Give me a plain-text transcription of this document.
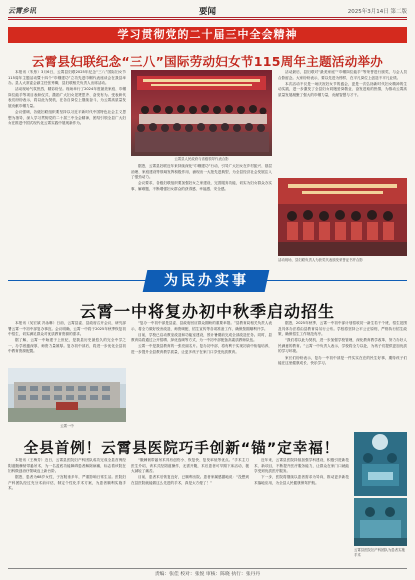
云霄乡讯	要闻	2025年3月14日 第二版
学习贯彻党的二十届三中全会精神
云霄县妇联纪念“三八”国际劳动妇女节115周年主题活动举办

本报讯（朱彤）3月6日，云霄县妇联2025年纪念“三八”国际妇女节115周年主题活动暨十四个“巾帼建功”立功先进巾帼代表座谈会在我县举办。县人大常委会副主任张秀卿，县妇联相关负责人出席活动。

活动现场气氛热烈，精彩纷呈。现场举行了2024年度最美家庭、巾帼岗位能手等项目表彰仪式，激励广大妇女见贤思齐、奋发有为。受表彰代表们纷纷表示，将以此为契机，在各自岗位上继续奋斗，为云霄高质量发展贡献巾帼力量。

会议强调，各级妇联组织要坚持以习近平新时代中国特色社会主义思想为指导，深入学习贯彻党的二十届三中全会精神，团结引领全县广大妇女在推进中国式现代化云霄实践中展现新作为。

云霄县人民政府与省级领导代表合影

据悉，云霄县妇联近年来持续深化“巾帼建功”行动，引导广大妇女在乡村振兴、基层治理、家庭建设等领域发挥积极作用，涌现出一大批先进典型，为全县经济社会发展注入了强劲动力。

会议要求，各级妇联组织要加强妇女之家建设，完善服务功能，切实为妇女群众办实事、解难题，不断增强妇女群众的获得感、幸福感、安全感。

活动最后，县妇联对“最美家庭”“巾帼岗位能手”等荣誉进行颁奖，与会人员合影留念。大家纷纷表示，要以先进为榜样，在平凡岗位上创造不平凡业绩。

本次活动不仅是一场庆祝妇女节的盛会，更是一次弘扬新时代妇女精神的生动实践，进一步激发了全县妇女同胞爱岗敬业、奋发进取的热情，为推动云霄高质量发展凝聚了强大的巾帼力量，贡献智慧与才干。

活动现场，县妇联负责人为获奖代表颁发荣誉证书并合影
为民办实事
云霄一中将复办初中秋季启动招生

本报讯（吴宏斌 冯泳琳）日前，云霄县委、县政府召开会议，研究部署云霄一中初中部复办事宜。会议明确，云霄一中将于2025年秋季恢复初中招生，切实满足群众对优质教育资源的需求。

据了解，云霄一中始建于上世纪，是我县历史最悠久的完全中学之一，办学底蕴深厚，师资力量雄厚。复办初中部后，将进一步优化全县初中教育资源配置。

云霄一中

“复办一中初中部是县委、县政府回应群众期盼的重要举措。”县教育局相关负责人表示，将全力做好校舍改造、师资调配、招生宣传等各项准备工作，确保按期顺利开学。

目前，学校已启动教室改造和功能室建设，预计暑期前完成全部改造任务。同时，县教育局将通过公开招聘、择优选调等方式，为一中初中部配备高素质教师队伍。

云霄一中是我县教育的一张亮丽名片。复办初中部，将有利于实现初高中衔接培养，进一步提升全县教育教学质量，让更多孩子在家门口享受优质教育。

据悉，2025年秋季，云霄一中初中部计划招收初一新生若干个班，招生范围及具体办法将由县教育局另行公布。学校将坚持公平公正原则，严格执行招生政策，确保招生工作规范有序。

“我们将以此为契机，进一步加强学校管理，深化教育教学改革，努力办好人民满意的教育。”云霄一中负责人表示，学校将全力以赴，为孩子们提供更加优质的学习环境。

家长们纷纷表示，复办一中初中部是一件实实在在的民生好事，期待孩子们能在这里健康成长、快乐学习。

全县首例！云霄县医院巧手创新“锚”定幸福！

本报讯（王梅芳）近日，云霄县医院妇产科团队成功完成全县首例经阴道骶棘韧带悬吊术，为一名盆底功能障碍患者解除病痛，标志着该院在妇科微创治疗领域迈上新台阶。

据悉，患者为68岁女性，子宫脱垂多年，严重影响日常生活。医院妇产科团队经过充分术前评估，制定个性化手术方案，为患者顺利实施手术。

“骶棘韧带悬吊术具有创伤小、恢复快、复发率低等优点。”手术主刀医生介绍，该术式经阴道操作，无需开腹，术后患者可早期下床活动，极大减轻了痛苦。

目前，患者术后恢复良好，已顺利出院。患者家属感激地说：“没想到在县医院就能做这么先进的手术，真是太方便了！”

近年来，云霄县医院持续加强学科建设，积极引进新技术、新项目，不断提升医疗服务能力，让群众在家门口就能享受到优质医疗服务。

下一步，医院将继续以患者需求为导向，推动更多新技术落地应用，为全县人民健康保驾护航。

云霄县医院妇产科团队为患者实施手术
责编：张佳 校对：张悦 审核：陈晓 执行：张丹丹
